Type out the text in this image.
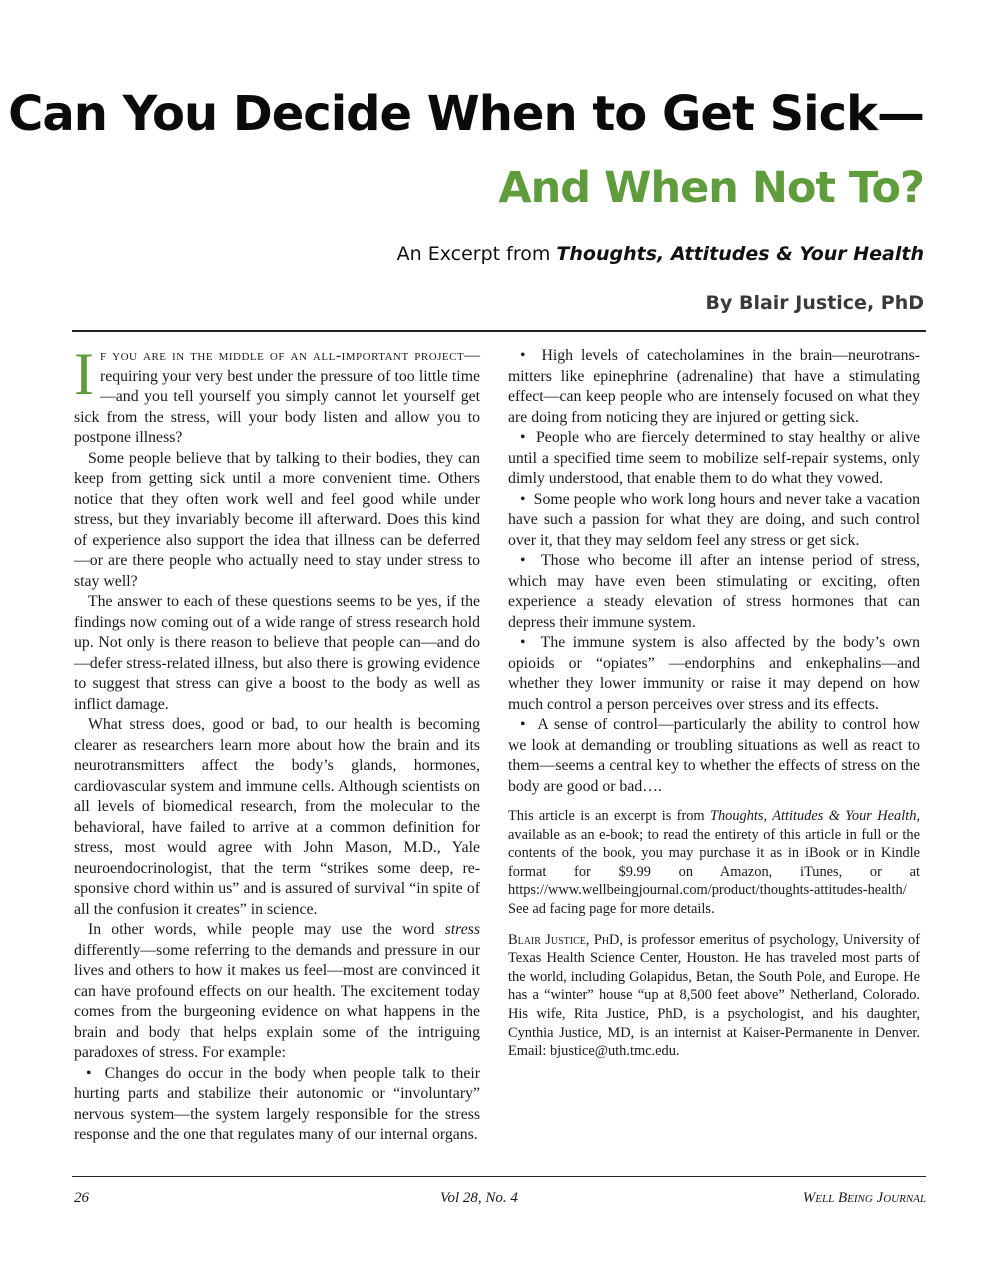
Can You Decide When to Get Sick—
And When Not To?
An Excerpt from Thoughts, Attitudes & Your Health
By Blair Justice, PhD

If you are in the middle of an all-important project—requiring your very best under the pressure of too little time—and you tell yourself you simply cannot let yourself get sick from the stress, will your body listen and allow you to postpone illness?

Some people believe that by talking to their bodies, they can keep from getting sick until a more convenient time. Others notice that they often work well and feel good while under stress, but they invariably become ill afterward. Does this kind of experience also support the idea that illness can be deferred—or are there people who actually need to stay under stress to stay well?

The answer to each of these questions seems to be yes, if the findings now coming out of a wide range of stress research hold up. Not only is there reason to believe that people can—and do—defer stress-related illness, but also there is growing evidence to suggest that stress can give a boost to the body as well as inflict damage.

What stress does, good or bad, to our health is becoming clearer as researchers learn more about how the brain and its neurotransmitters affect the body’s glands, hormones, cardiovascular system and immune cells. Although scientists on all levels of biomedical research, from the molecular to the behavioral, have failed to arrive at a common definition for stress, most would agree with John Mason, M.D., Yale neuroendocrinologist, that the term “strikes some deep, responsive chord within us” and is assured of survival “in spite of all the confusion it creates” in science.

In other words, while people may use the word stress differently—some referring to the demands and pressure in our lives and others to how it makes us feel—most are convinced it can have profound effects on our health. The excitement today comes from the burgeoning evidence on what happens in the brain and body that helps explain some of the intriguing paradoxes of stress. For example:

•  Changes do occur in the body when people talk to their hurting parts and stabilize their autonomic or “involuntary” nervous system—the system largely responsible for the stress response and the one that regulates many of our internal organs.

•  High levels of catecholamines in the brain—neurotransmitters like epinephrine (adrenaline) that have a stimulating effect—can keep people who are intensely focused on what they are doing from noticing they are injured or getting sick.

•  People who are fiercely determined to stay healthy or alive until a specified time seem to mobilize self-repair systems, only dimly understood, that enable them to do what they vowed.

•  Some people who work long hours and never take a vacation have such a passion for what they are doing, and such control over it, that they may seldom feel any stress or get sick.

•  Those who become ill after an intense period of stress, which may have even been stimulating or exciting, often experience a steady elevation of stress hormones that can depress their immune system.

•  The immune system is also affected by the body’s own opioids or “opiates” —endorphins and enkephalins—and whether they lower immunity or raise it may depend on how much control a person perceives over stress and its effects.

•  A sense of control—particularly the ability to control how we look at demanding or troubling situations as well as react to them—seems a central key to whether the effects of stress on the body are good or bad….

This article is an excerpt is from Thoughts, Attitudes & Your Health, available as an e-book; to read the entirety of this article in full or the contents of the book, you may purchase it as in iBook or in Kindle format for $9.99 on Amazon, iTunes, or at https://www.wellbeingjournal.com/product/thoughts-attitudes-health/ See ad facing page for more details.

Blair Justice, PhD, is professor emeritus of psychology, University of Texas Health Science Center, Houston. He has traveled most parts of the world, including Golapidus, Betan, the South Pole, and Europe. He has a “winter” house “up at 8,500 feet above” Netherland, Colorado. His wife, Rita Justice, PhD, is a psychologist, and his daughter, Cynthia Justice, MD, is an internist at Kaiser-Permanente in Denver. Email: bjustice@uth.tmc.edu.

26	Vol 28, No. 4	Well Being Journal
